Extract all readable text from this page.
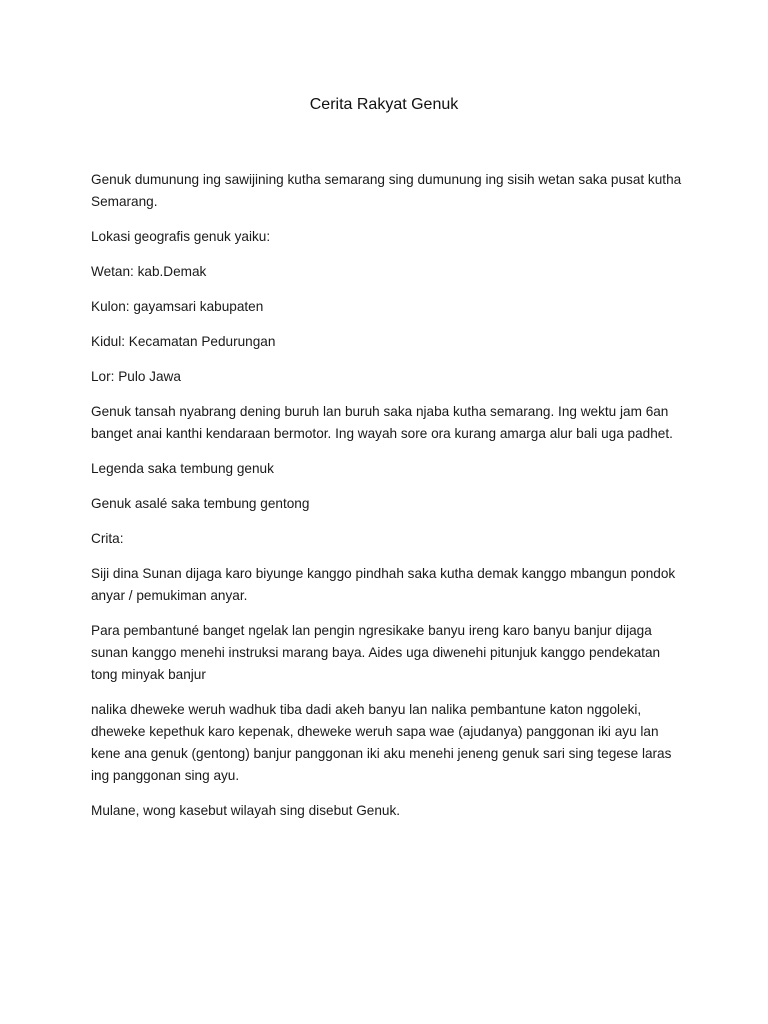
Cerita Rakyat Genuk

Genuk dumunung ing sawijining kutha semarang sing dumunung ing sisih wetan saka pusat kutha Semarang.

Lokasi geografis genuk yaiku:

Wetan: kab.Demak

Kulon: gayamsari kabupaten

Kidul: Kecamatan Pedurungan

Lor: Pulo Jawa

Genuk tansah nyabrang dening buruh lan buruh saka njaba kutha semarang. Ing wektu jam 6an banget anai kanthi kendaraan bermotor. Ing wayah sore ora kurang amarga alur bali uga padhet.

Legenda saka tembung genuk

Genuk asalé saka tembung gentong

Crita:

Siji dina Sunan dijaga karo biyunge kanggo pindhah saka kutha demak kanggo mbangun pondok anyar / pemukiman anyar.

Para pembantuné banget ngelak lan pengin ngresikake banyu ireng karo banyu banjur dijaga sunan kanggo menehi instruksi marang baya. Aides uga diwenehi pitunjuk kanggo pendekatan tong minyak banjur

nalika dheweke weruh wadhuk tiba dadi akeh banyu lan nalika pembantune katon nggoleki, dheweke kepethuk karo kepenak, dheweke weruh sapa wae (ajudanya) panggonan iki ayu lan kene ana genuk (gentong) banjur panggonan iki aku menehi jeneng genuk sari sing tegese laras ing panggonan sing ayu.

Mulane, wong kasebut wilayah sing disebut Genuk.
